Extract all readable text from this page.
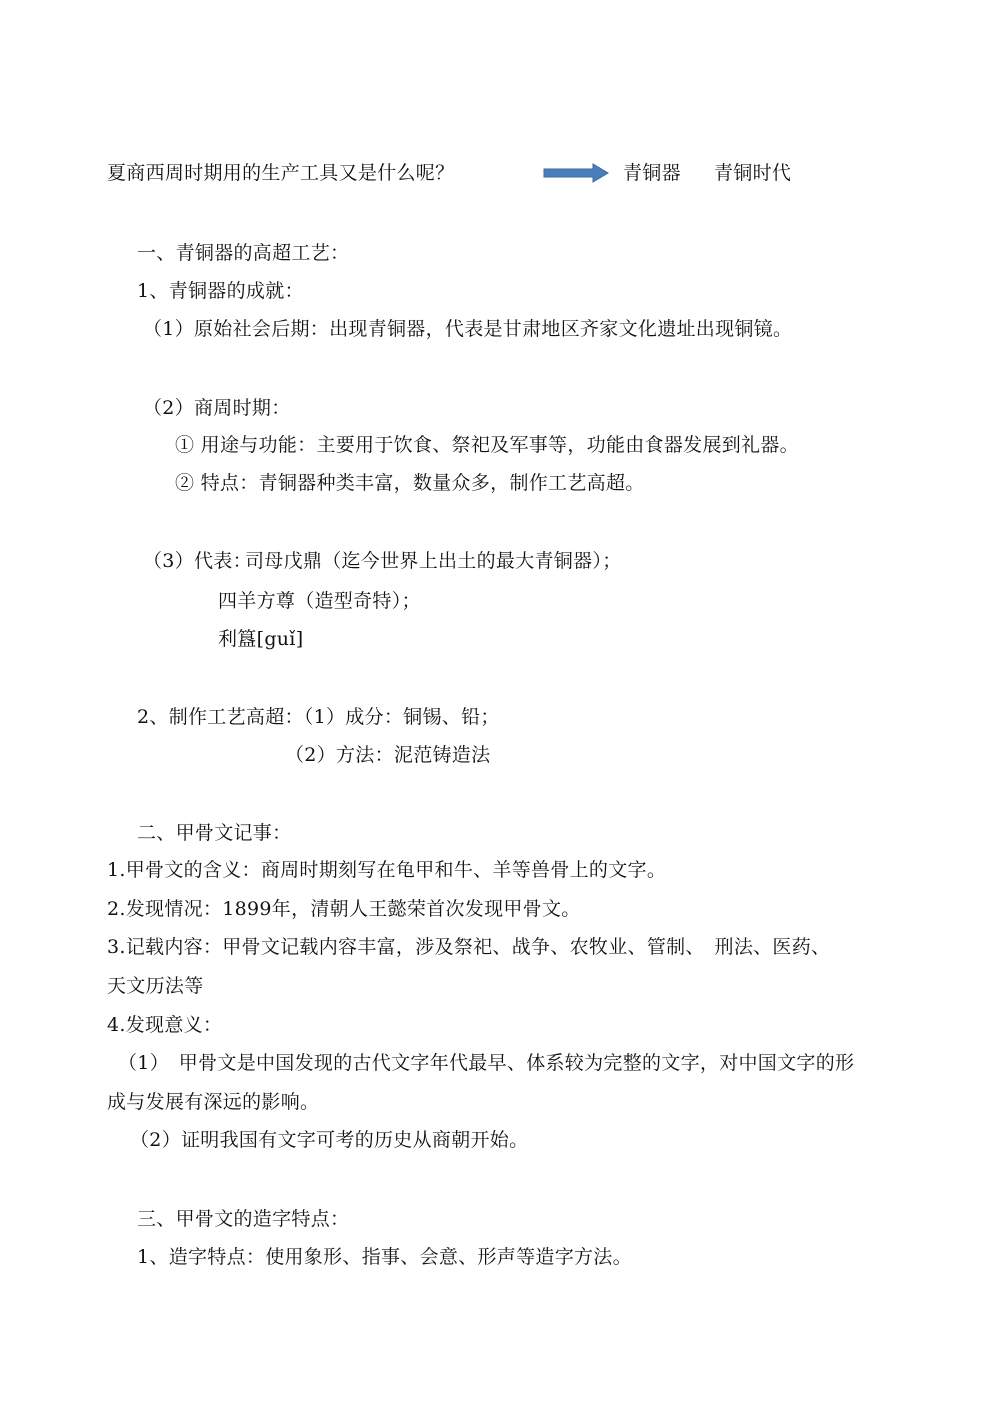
夏商西周时期用的生产工具又是什么呢？	青铜器 青铜时代
一、青铜器的高超工艺：
1、青铜器的成就：
（1）原始社会后期：出现青铜器，代表是甘肃地区齐家文化遗址出现铜镜。
（2）商周时期：
① 用途与功能：主要用于饮食、祭祀及军事等，功能由食器发展到礼器。
② 特点：青铜器种类丰富，数量众多，制作工艺高超。
（3）代表：
司母戊鼎（迄今世界上出土的最大青铜器）；
四羊方尊（造型奇特）；
利簋[guǐ]
2、制作工艺高超：（1）成分：铜锡、铅；
（2）方法：泥范铸造法
二、甲骨文记事：
1.甲骨文的含义：商周时期刻写在龟甲和牛、羊等兽骨上的文字。
2.发现情况：1899年，清朝人王懿荣首次发现甲骨文。
3.记载内容：甲骨文记载内容丰富，涉及祭祀、战争、农牧业、管制、　刑法、医药、
天文历法等
4.发现意义：
（1）　甲骨文是中国发现的古代文字年代最早、体系较为完整的文字，对中国文字的形
成与发展有深远的影响。
（2）证明我国有文字可考的历史从商朝开始。
三、甲骨文的造字特点：
1、造字特点：使用象形、指事、会意、形声等造字方法。
